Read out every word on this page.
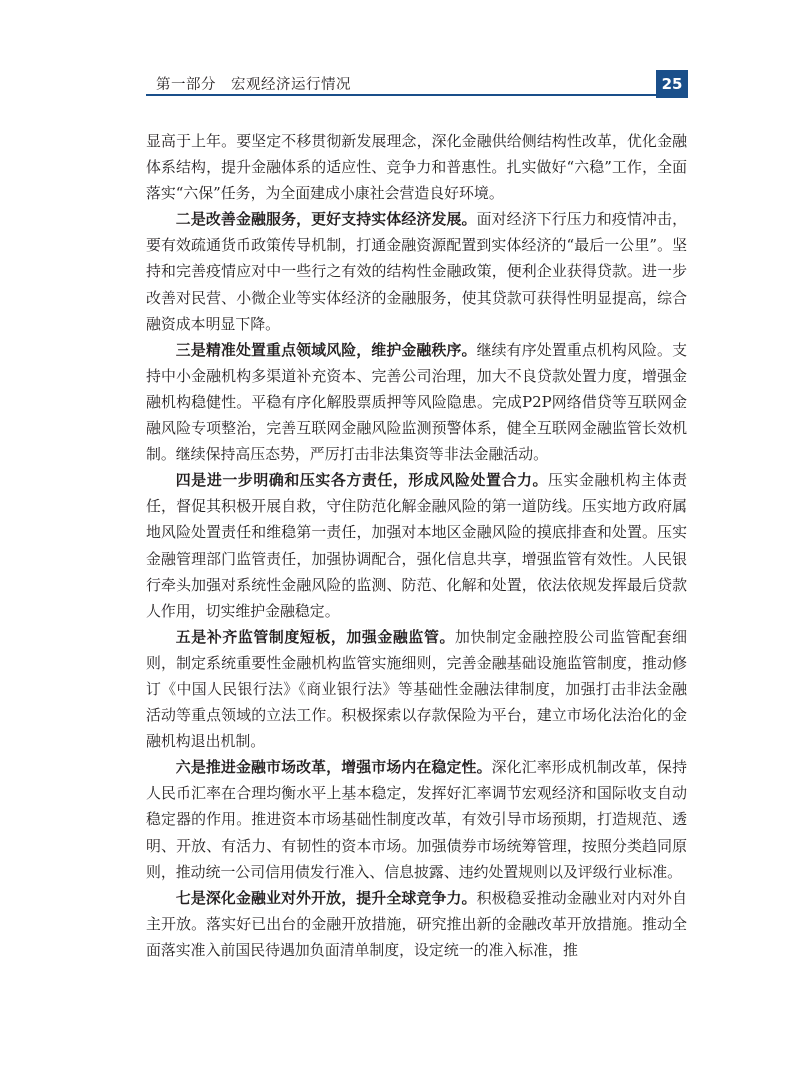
第一部分　宏观经济运行情况	25

显高于上年。要坚定不移贯彻新发展理念，深化金融供给侧结构性改革，优化金融体系结构，提升金融体系的适应性、竞争力和普惠性。扎实做好“六稳”工作，全面落实“六保”任务，为全面建成小康社会营造良好环境。

二是改善金融服务，更好支持实体经济发展。面对经济下行压力和疫情冲击，要有效疏通货币政策传导机制，打通金融资源配置到实体经济的“最后一公里”。坚持和完善疫情应对中一些行之有效的结构性金融政策，便利企业获得贷款。进一步改善对民营、小微企业等实体经济的金融服务，使其贷款可获得性明显提高，综合融资成本明显下降。

三是精准处置重点领域风险，维护金融秩序。继续有序处置重点机构风险。支持中小金融机构多渠道补充资本、完善公司治理，加大不良贷款处置力度，增强金融机构稳健性。平稳有序化解股票质押等风险隐患。完成P2P网络借贷等互联网金融风险专项整治，完善互联网金融风险监测预警体系，健全互联网金融监管长效机制。继续保持高压态势，严厉打击非法集资等非法金融活动。

四是进一步明确和压实各方责任，形成风险处置合力。压实金融机构主体责任，督促其积极开展自救，守住防范化解金融风险的第一道防线。压实地方政府属地风险处置责任和维稳第一责任，加强对本地区金融风险的摸底排查和处置。压实金融管理部门监管责任，加强协调配合，强化信息共享，增强监管有效性。人民银行牵头加强对系统性金融风险的监测、防范、化解和处置，依法依规发挥最后贷款人作用，切实维护金融稳定。

五是补齐监管制度短板，加强金融监管。加快制定金融控股公司监管配套细则，制定系统重要性金融机构监管实施细则，完善金融基础设施监管制度，推动修订《中国人民银行法》《商业银行法》等基础性金融法律制度，加强打击非法金融活动等重点领域的立法工作。积极探索以存款保险为平台，建立市场化法治化的金融机构退出机制。

六是推进金融市场改革，增强市场内在稳定性。深化汇率形成机制改革，保持人民币汇率在合理均衡水平上基本稳定，发挥好汇率调节宏观经济和国际收支自动稳定器的作用。推进资本市场基础性制度改革，有效引导市场预期，打造规范、透明、开放、有活力、有韧性的资本市场。加强债券市场统筹管理，按照分类趋同原则，推动统一公司信用债发行准入、信息披露、违约处置规则以及评级行业标准。

七是深化金融业对外开放，提升全球竞争力。积极稳妥推动金融业对内对外自主开放。落实好已出台的金融开放措施，研究推出新的金融改革开放措施。推动全面落实准入前国民待遇加负面清单制度，设定统一的准入标准，推
